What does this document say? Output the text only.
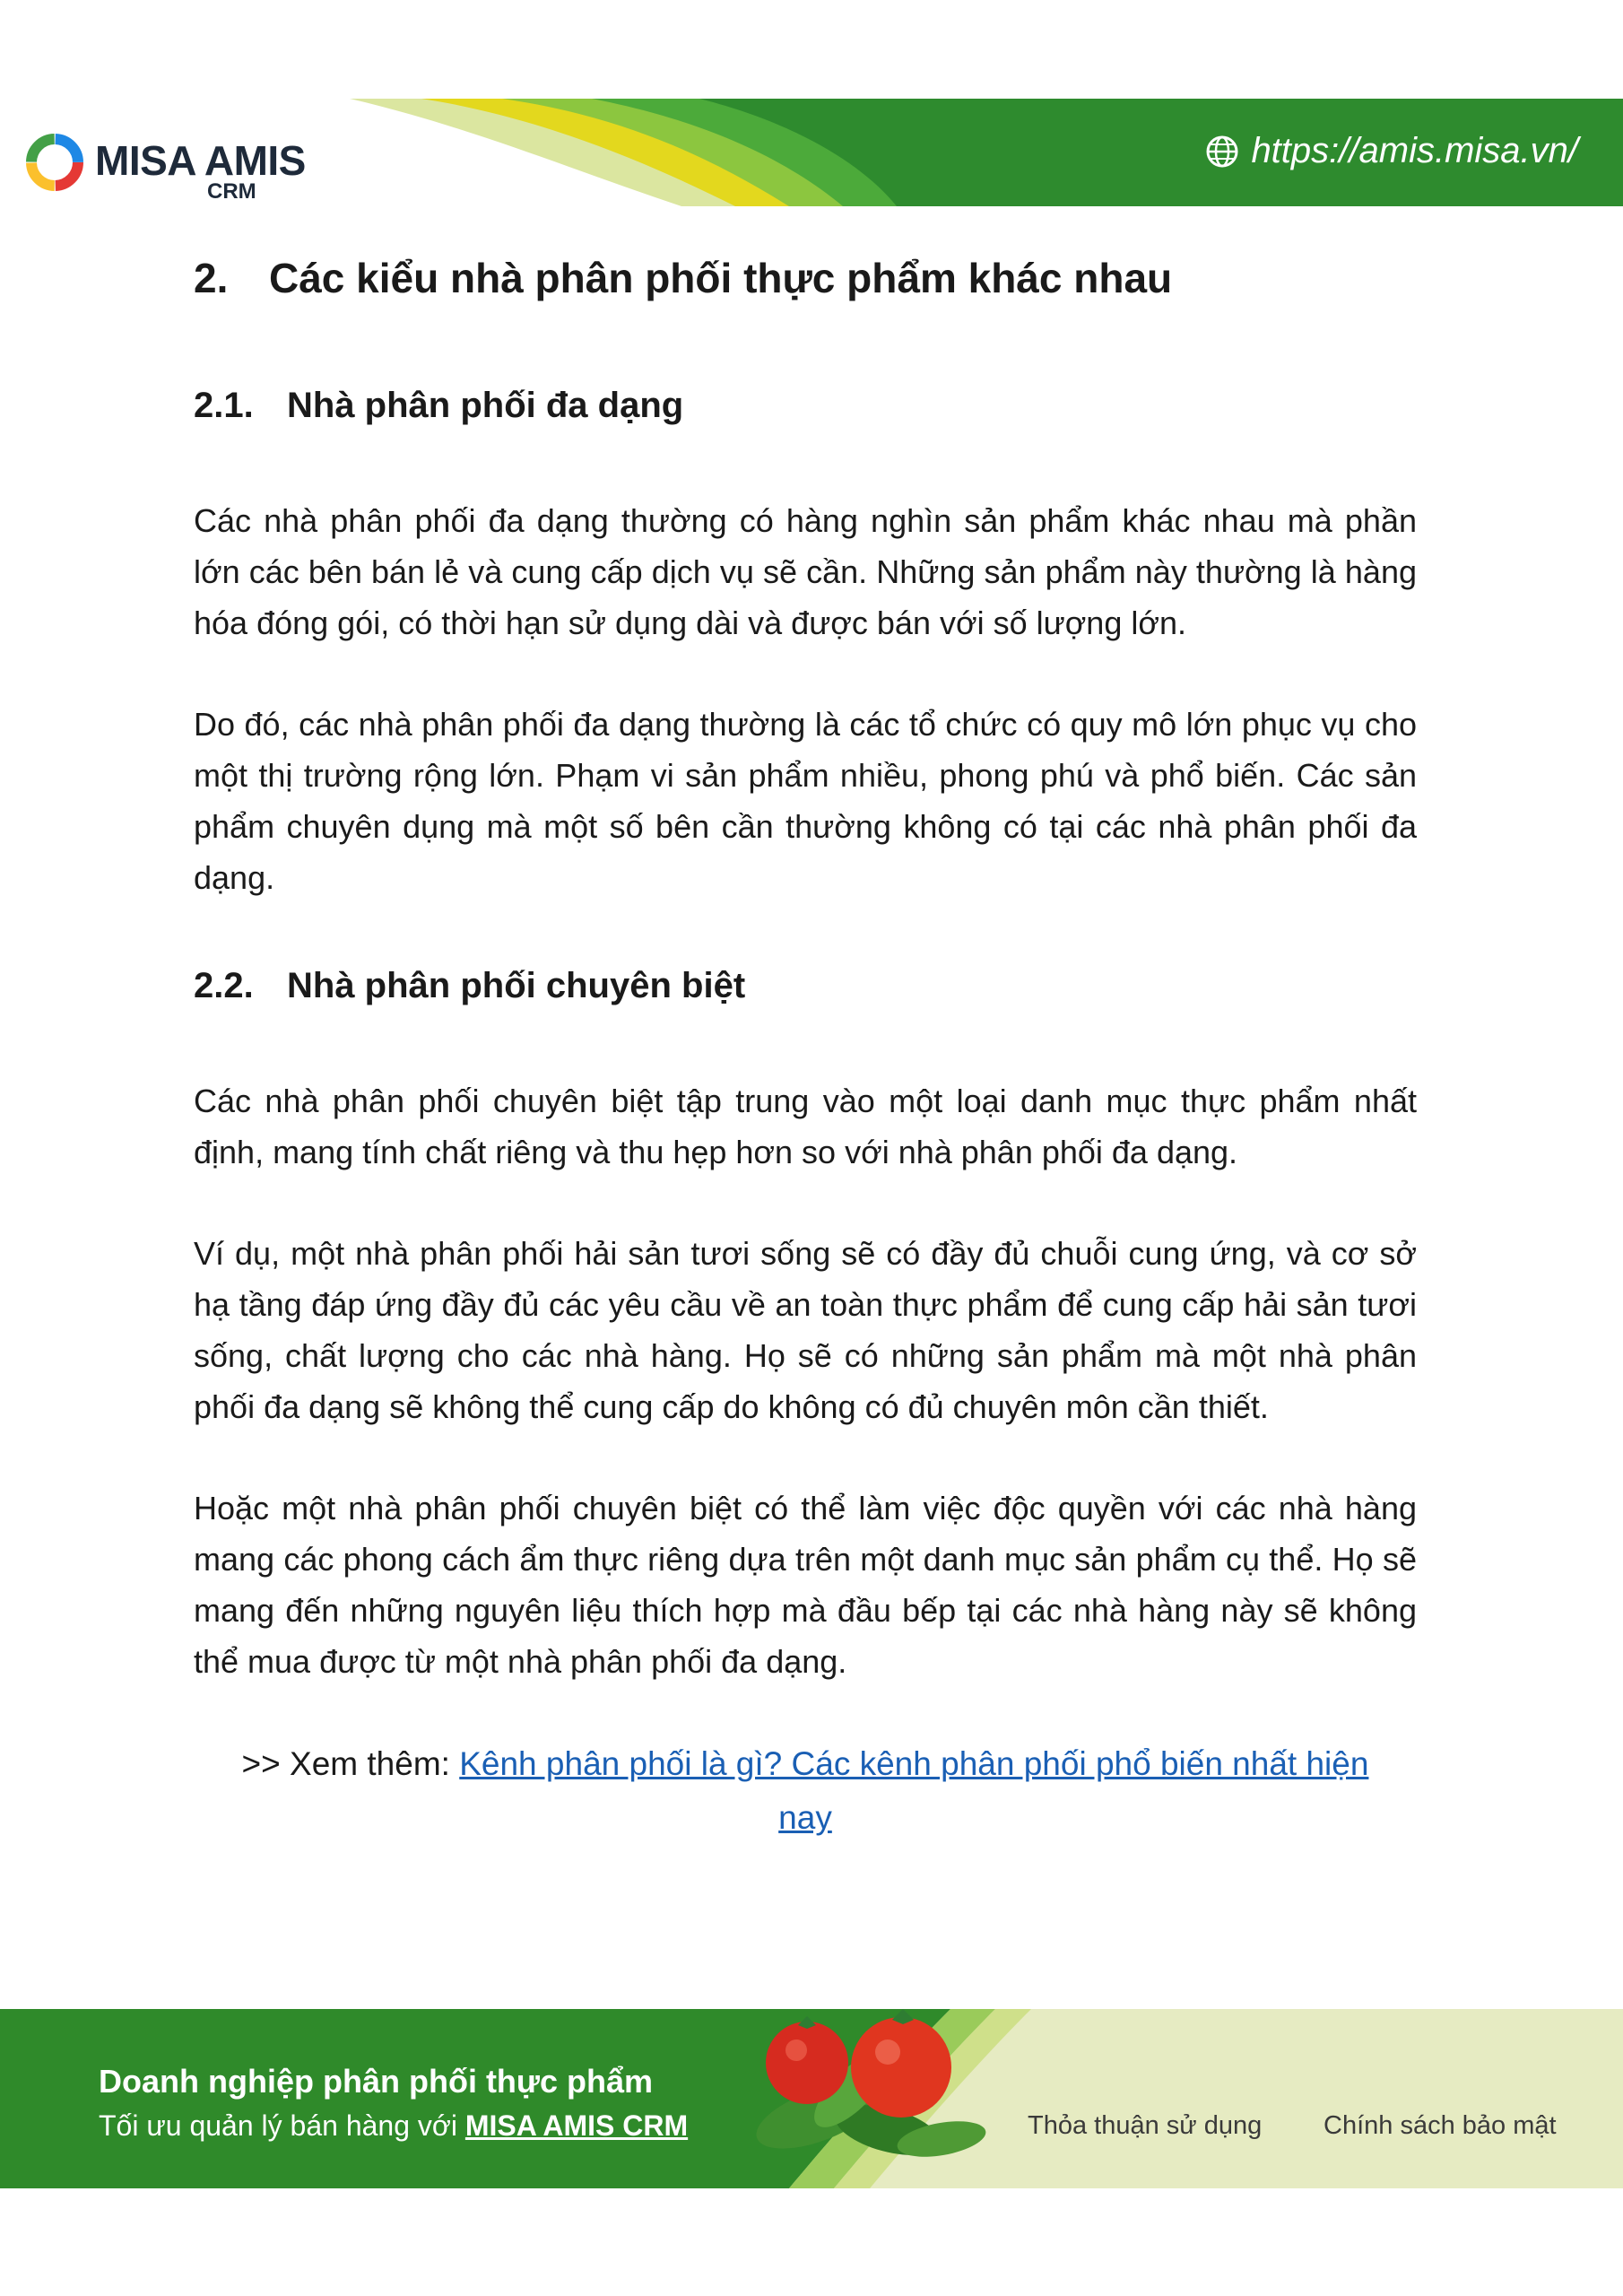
MISA AMIS
CRM
https://amis.misa.vn/
2. Các kiểu nhà phân phối thực phẩm khác nhau
2.1. Nhà phân phối đa dạng

Các nhà phân phối đa dạng thường có hàng nghìn sản phẩm khác nhau mà phần lớn các bên bán lẻ và cung cấp dịch vụ sẽ cần. Những sản phẩm này thường là hàng hóa đóng gói, có thời hạn sử dụng dài và được bán với số lượng lớn.

Do đó, các nhà phân phối đa dạng thường là các tổ chức có quy mô lớn phục vụ cho một thị trường rộng lớn. Phạm vi sản phẩm nhiều, phong phú và phổ biến. Các sản phẩm chuyên dụng mà một số bên cần thường không có tại các nhà phân phối đa dạng.

2.2. Nhà phân phối chuyên biệt

Các nhà phân phối chuyên biệt tập trung vào một loại danh mục thực phẩm nhất định, mang tính chất riêng và thu hẹp hơn so với nhà phân phối đa dạng.

Ví dụ, một nhà phân phối hải sản tươi sống sẽ có đầy đủ chuỗi cung ứng, và cơ sở hạ tầng đáp ứng đầy đủ các yêu cầu về an toàn thực phẩm để cung cấp hải sản tươi sống, chất lượng cho các nhà hàng. Họ sẽ có những sản phẩm mà một nhà phân phối đa dạng sẽ không thể cung cấp do không có đủ chuyên môn cần thiết.

Hoặc một nhà phân phối chuyên biệt có thể làm việc độc quyền với các nhà hàng mang các phong cách ẩm thực riêng dựa trên một danh mục sản phẩm cụ thể. Họ sẽ mang đến những nguyên liệu thích hợp mà đầu bếp tại các nhà hàng này sẽ không thể mua được từ một nhà phân phối đa dạng.

>> Xem thêm: Kênh phân phối là gì? Các kênh phân phối phổ biến nhất hiện nay

Doanh nghiệp phân phối thực phẩm
Tối ưu quản lý bán hàng với MISA AMIS CRM	Thỏa thuận sử dụng Chính sách bảo mật
